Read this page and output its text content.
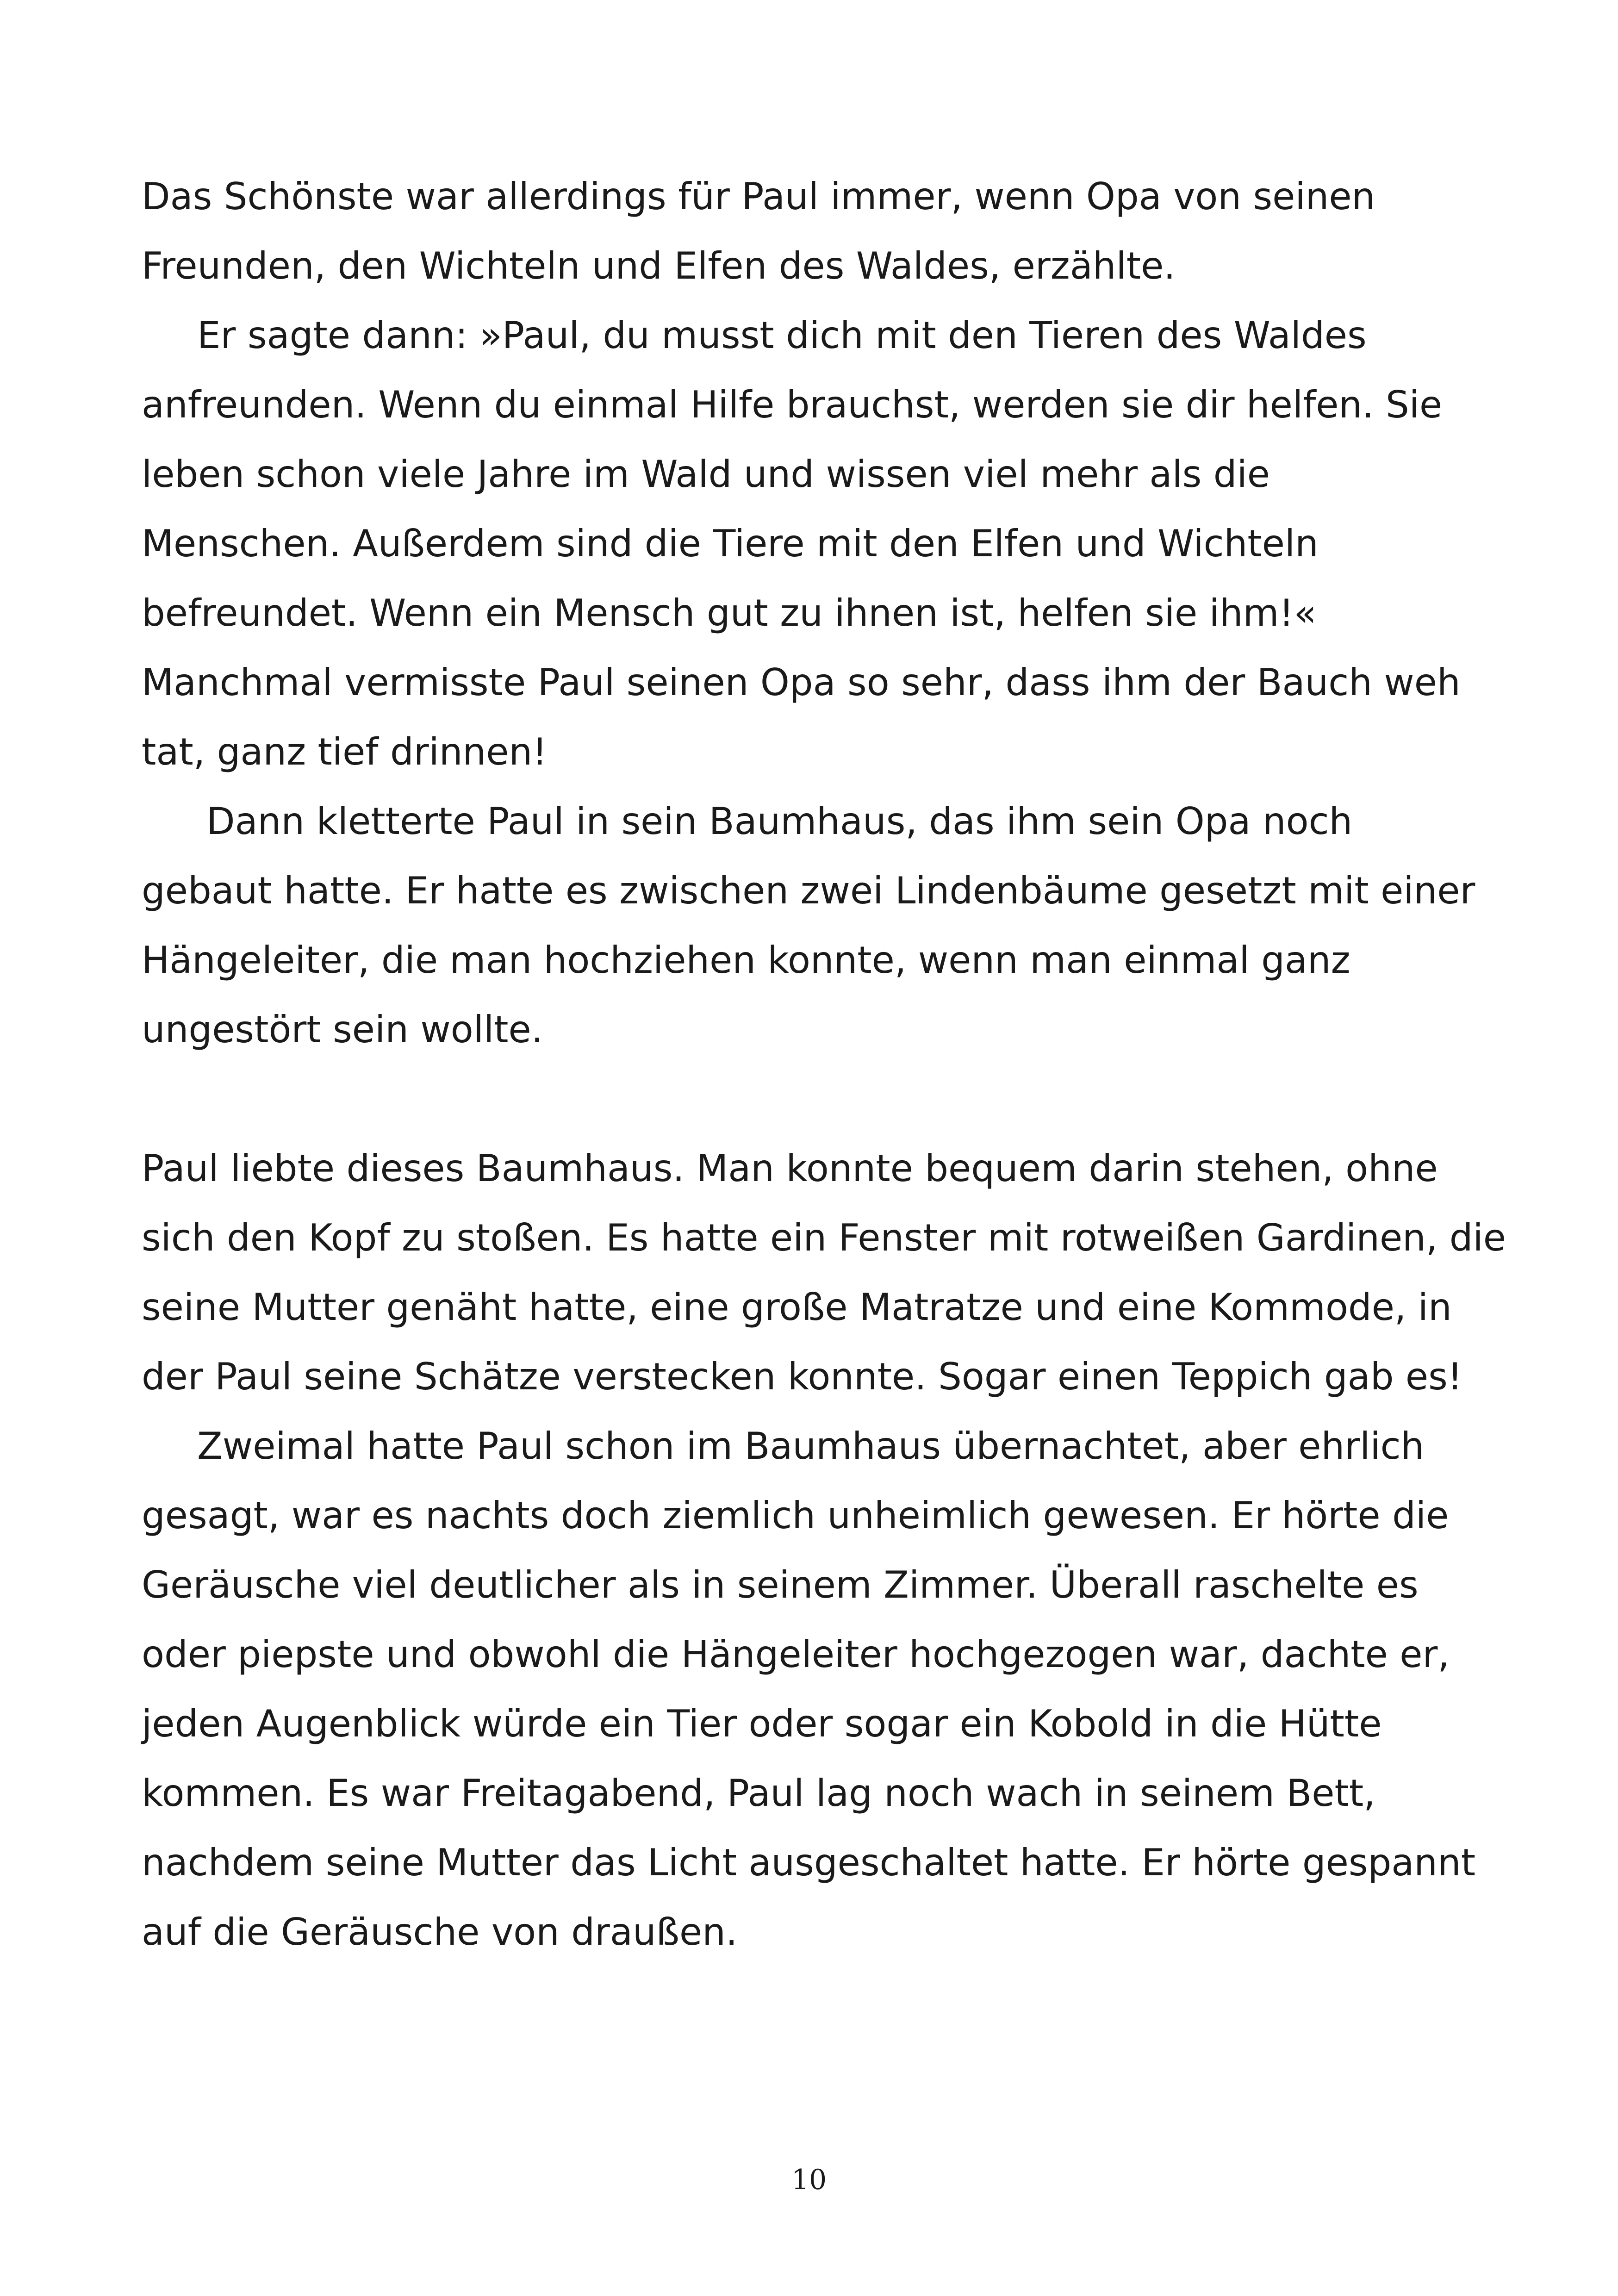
Das Schönste war allerdings für Paul immer, wenn Opa von seinen
Freunden, den Wichteln und Elfen des Waldes, erzählte.
Er sagte dann: »Paul, du musst dich mit den Tieren des Waldes
anfreunden. Wenn du einmal Hilfe brauchst, werden sie dir helfen. Sie
leben schon viele Jahre im Wald und wissen viel mehr als die
Menschen. Außerdem sind die Tiere mit den Elfen und Wichteln
befreundet. Wenn ein Mensch gut zu ihnen ist, helfen sie ihm!«
Manchmal vermisste Paul seinen Opa so sehr, dass ihm der Bauch weh
tat, ganz tief drinnen!
Dann kletterte Paul in sein Baumhaus, das ihm sein Opa noch
gebaut hatte. Er hatte es zwischen zwei Lindenbäume gesetzt mit einer
Hängeleiter, die man hochziehen konnte, wenn man einmal ganz
ungestört sein wollte.
Paul liebte dieses Baumhaus. Man konnte bequem darin stehen, ohne
sich den Kopf zu stoßen. Es hatte ein Fenster mit rotweißen Gardinen, die
seine Mutter genäht hatte, eine große Matratze und eine Kommode, in
der Paul seine Schätze verstecken konnte. Sogar einen Teppich gab es!
Zweimal hatte Paul schon im Baumhaus übernachtet, aber ehrlich
gesagt, war es nachts doch ziemlich unheimlich gewesen. Er hörte die
Geräusche viel deutlicher als in seinem Zimmer. Überall raschelte es
oder piepste und obwohl die Hängeleiter hochgezogen war, dachte er,
jeden Augenblick würde ein Tier oder sogar ein Kobold in die Hütte
kommen. Es war Freitagabend, Paul lag noch wach in seinem Bett,
nachdem seine Mutter das Licht ausgeschaltet hatte. Er hörte gespannt
auf die Geräusche von draußen.
10
